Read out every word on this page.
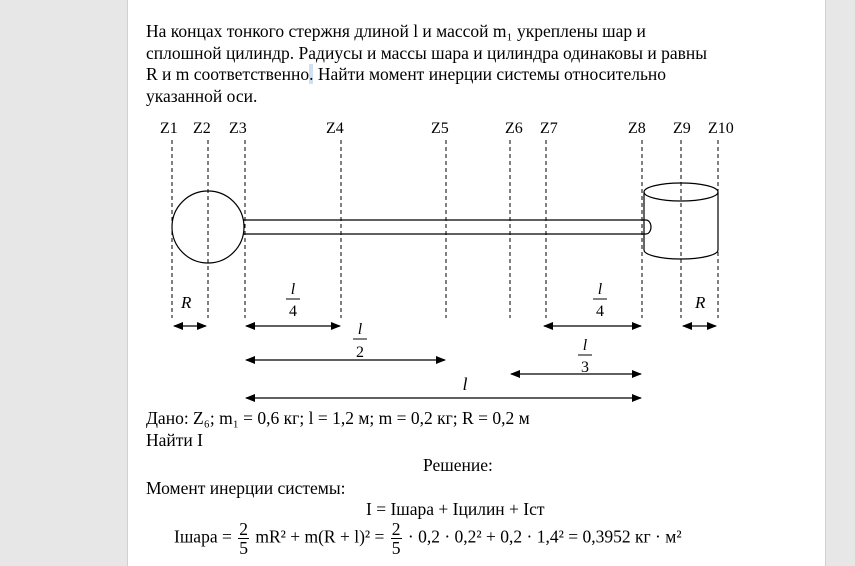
На концах тонкого стержня длиной l и массой m₁ укреплены шар и
сплошной цилиндр. Радиусы и массы шара и цилиндра одинаковы и равны
R и m соответственно. Найти момент инерции системы относительно
указанной оси.
Z1 Z2 Z3	Z4	Z5	Z6 Z7	Z8 Z9 Z10
R	R
l
4
l
4
l
2	l
3
l
Дано: Z₆; m₁ = 0,6 кг; l = 1,2 м; m = 0,2 кг; R = 0,2 м
Найти I
Решение:
Момент инерции системы:
I = Iшара + Iцилин + Iст
Iшара = $\frac{2}{5} mR^2 + m(R + l)^2 = \frac{2}{5} \cdot 0,2 \cdot 0,2^2 + 0,2 \cdot 1,4^2 = 0,3952$ кг · м²
